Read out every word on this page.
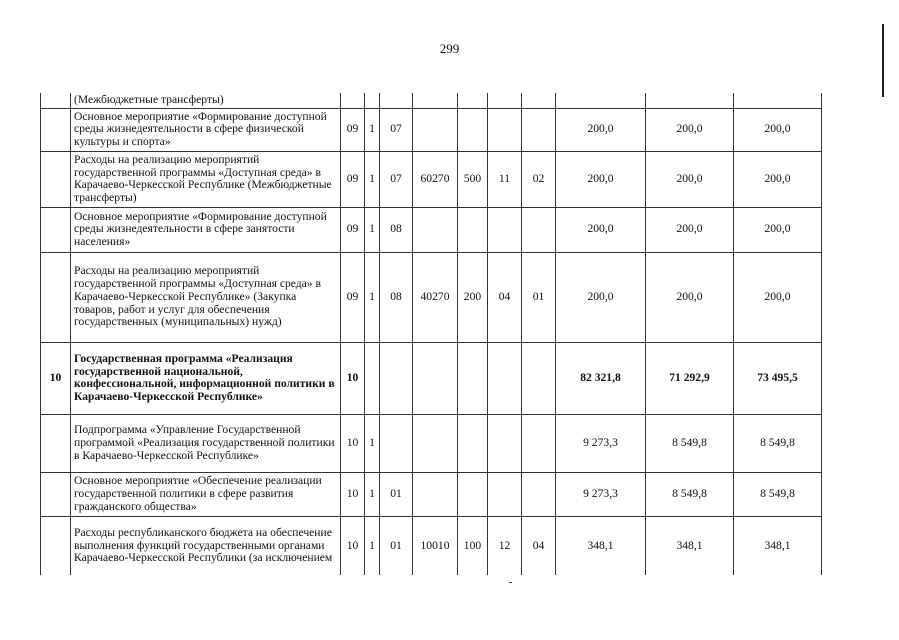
299
	(Межбюджетные трансферты)										
	Основное мероприятие «Формирование доступной среды жизнедеятельности в сфере физической культуры и спорта»	09	1	07					200,0	200,0	200,0
	Расходы на реализацию мероприятий государственной программы «Доступная среда» в Карачаево-Черкесской Республике (Межбюджетные трансферты)	09	1	07	60270	500	11	02	200,0	200,0	200,0
	Основное мероприятие «Формирование доступной среды жизнедеятельности в сфере занятости населения»	09	1	08					200,0	200,0	200,0
	Расходы на реализацию мероприятий государственной программы «Доступная среда» в Карачаево-Черкесской Республике» (Закупка товаров, работ и услуг для обеспечения государственных (муниципальных) нужд)	09	1	08	40270	200	04	01	200,0	200,0	200,0
10	Государственная программа «Реализация государственной национальной, конфессиональной, информационной политики в Карачаево-Черкесской Республике»	10							82 321,8	71 292,9	73 495,5
	Подпрограмма «Управление Государственной программой «Реализация государственной политики в Карачаево-Черкесской Республике»	10	1						9 273,3	8 549,8	8 549,8
	Основное мероприятие «Обеспечение реализации государственной политики в сфере развития гражданского общества»	10	1	01					9 273,3	8 549,8	8 549,8
	Расходы республиканского бюджета на обеспечение выполнения функций государственными органами Карачаево-Черкесской Республики (за исключением	10	1	01	10010	100	12	04	348,1	348,1	348,1
